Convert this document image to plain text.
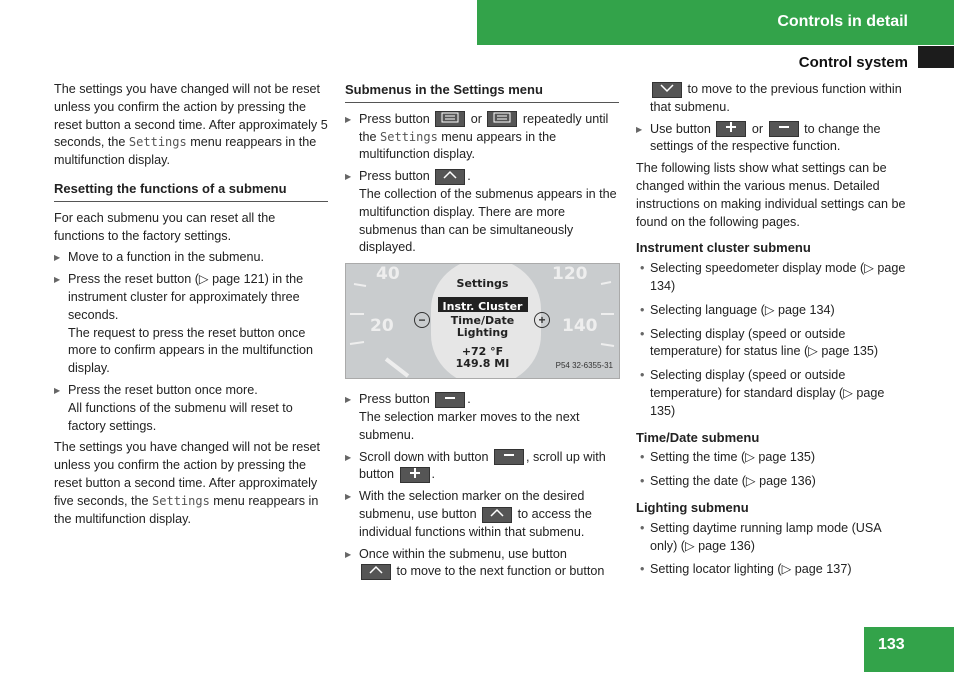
Controls in detail
Control system

The settings you have changed will not be reset unless you confirm the action by pressing the reset button a second time. After approximately 5 seconds, the Settings menu reappears in the multifunction display.

Resetting the functions of a submenu

For each submenu you can reset all the functions to the factory settings.

▶ Move to a function in the submenu.
▶ Press the reset button (▷ page 121) in the instrument cluster for approximately three seconds.
The request to press the reset button once more to confirm appears in the multifunction display.
▶ Press the reset button once more.
All functions of the submenu will reset to factory settings.

The settings you have changed will not be reset unless you confirm the action by pressing the reset button a second time. After approximately five seconds, the Settings menu reappears in the multifunction display.

Submenus in the Settings menu
▶ Press button	or	repeatedly until the Settings menu appears in the multifunction display.
▶ Press button	.
The collection of the submenus appears in the multifunction display. There are more submenus than can be simultaneously displayed.
40
20
120
140
−	+
Settings
Instr. Cluster
Time/Date
Lighting
+72 °F
149.8 MI	P54 32-6355-31
▶ Press button	.
The selection marker moves to the next submenu.
▶ Scroll down with button	, scroll up with button	.
▶ With the selection marker on the desired submenu, use button	to access the individual functions within that submenu.
▶ Once within the submenu, use button

to move to the next function or button

to move to the previous function within that submenu.

▶ Use button	or	to change the settings of the respective function.

The following lists show what settings can be changed within the various menus. Detailed instructions on making individual settings can be found on the following pages.

Instrument cluster submenu
• Selecting speedometer display mode (▷ page 134)
• Selecting language (▷ page 134)
• Selecting display (speed or outside temperature) for status line (▷ page 135)
• Selecting display (speed or outside temperature) for standard display (▷ page 135)
Time/Date submenu
• Setting the time (▷ page 135)
• Setting the date (▷ page 136)
Lighting submenu
• Setting daytime running lamp mode (USA only) (▷ page 136)
• Setting locator lighting (▷ page 137)
133
